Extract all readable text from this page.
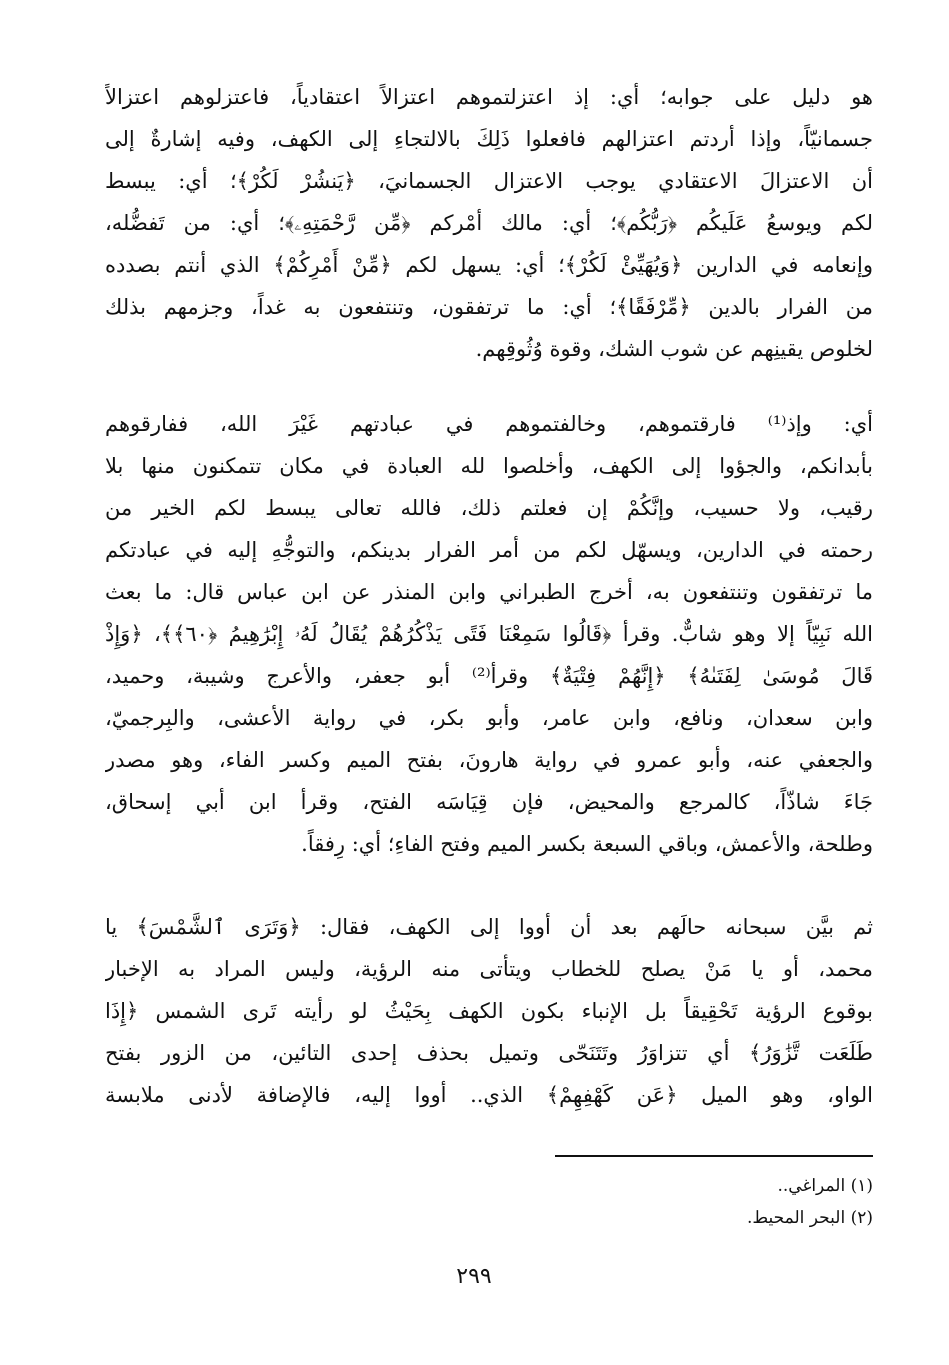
هو دليل على جوابه؛ أي: إذ اعتزلتموهم اعتزالاً اعتقادياً، فاعتزلوهم اعتزالاً
جسمانيّاً، وإذا أردتم اعتزالهم فافعلوا ذَلِكَ بالالتجاءِ إلى الكهف، وفيه إشارةٌ إلى
أن الاعتزالَ الاعتقادي يوجب الاعتزال الجسمانيَ، ﴿يَنشُرْ لَكُرْ﴾؛ أي: يبسط
لكم ويوسعُ عَلَيكُم ﴿رَبُّكُم﴾؛ أي: مالك أمْركم ﴿مِّن رَّحْمَتِهِۦ﴾؛ أي: من تَفضُّله،
وإنعامه في الدارين ﴿وَيُهَيِّئْ لَكُرْ﴾؛ أي: يسهل لكم ﴿مِّنْ أَمْرِكُمْ﴾ الذي أنتم بصدده
من الفرار بالدين ﴿مِّرْفَقًا﴾؛ أي: ما ترتفقون، وتنتفعون به غداً، وجزمهم بذلك
لخلوص يقينِهم عن شوب الشك، وقوة وُثُوقِهم.
أي: وإذ⁽¹⁾ فارقتموهم، وخالفتموهم في عبادتهم غَيْرَ الله، ففارقوهم
بأبدانكم، والجؤوا إلى الكهف، وأخلصوا لله العبادة في مكان تتمكنون منها بلا
رقيب، ولا حسيب، وإنَّكُمْ إن فعلتم ذلك، فالله تعالى يبسط لكم الخير من
رحمته في الدارين، ويسهّل لكم من أمر الفرار بدينكم، والتوجُّهِ إليه في عبادتكم
ما ترتفقون وتنتفعون به، أخرج الطبراني وابن المنذر عن ابن عباس قال: ما بعث
الله نَبِيّاً إلا وهو شابٌّ. وقرأ ﴿قَالُوا سَمِعْنَا فَتًى يَذْكُرُهُمْ يُقَالُ لَهُۥ إِبْرَٰهِيمُ ﴿٦٠﴾﴾، ﴿وَإِذْ
قَالَ مُوسَىٰ لِفَتَىٰهُ﴾ ﴿إِنَّهُمْ فِتْيَةٌ﴾ وقرأ⁽²⁾ أبو جعفر، والأعرج وشيبة، وحميد،
وابن سعدان، ونافع، وابن عامر، وأبو بكر، في رواية الأعشى، والبِرجميّ،
والجعفي عنه، وأبو عمرو في رواية هارونَ، بفتح الميم وكسر الفاء، وهو مصدر
جَاءَ شاذّاً، كالمرجع والمحيض، فإن قِيَاسَه الفتح، وقرأ ابن أبي إسحاق،
وطلحة، والأعمش، وباقي السبعة بكسر الميم وفتح الفاءِ؛ أي: رِفقاً.
ثم بيَّن سبحانه حالَهم بعد أن أووا إلى الكهف، فقال: ﴿وَتَرَى ٱلشَّمْسَ﴾ يا
محمد، أو يا مَنْ يصلح للخطاب ويتأتى منه الرؤية، وليس المراد به الإخبار
بوقوع الرؤية تَحْقِيقاً بل الإنباء بكون الكهف بِحَيْثُ لو رأيته تَرى الشمس ﴿إِذَا
طَلَعَت تَّزَٰوَرُ﴾ أي تتزاوَرُ وتَتَنَحّى وتميل بحذف إحدى التائين، من الزور بفتح
الواو، وهو الميل ﴿عَن كَهْفِهِمْ﴾ الذي.. أووا إليه، فالإضافة لأدنى ملابسة
(١) المراغي..
(٢) البحر المحيط.
٢٩٩
